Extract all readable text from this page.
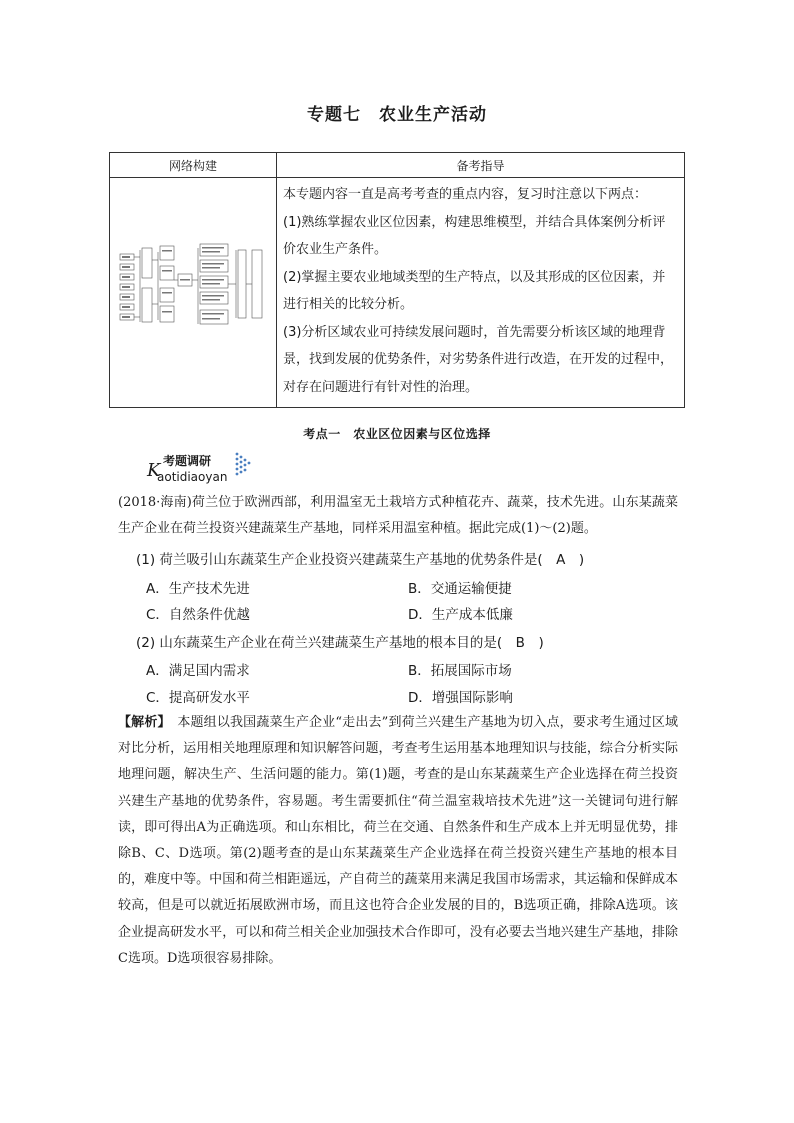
专题七　农业生产活动
网络构建	备考指导

本专题内容一直是高考考查的重点内容，复习时注意以下两点：

(1)熟练掌握农业区位因素，构建思维模型，并结合具体案例分析评价农业生产条件。

(2)掌握主要农业地域类型的生产特点，以及其形成的区位因素，并进行相关的比较分析。

(3)分析区域农业可持续发展问题时，首先需要分析该区域的地理背景，找到发展的优势条件，对劣势条件进行改造，在开发的过程中，对存在问题进行有针对性的治理。

考点一　农业区位因素与区位选择
K 考题调研
aotidiaoyan
(2018·海南)荷兰位于欧洲西部，利用温室无土栽培方式种植花卉、蔬菜，技术先进。山东某蔬菜生产企业在荷兰投资兴建蔬菜生产基地，同样采用温室种植。据此完成(1)～(2)题。
(1) 荷兰吸引山东蔬菜生产企业投资兴建蔬菜生产基地的优势条件是(　A　)
A．生产技术先进	B．交通运输便捷
C．自然条件优越	D．生产成本低廉
(2) 山东蔬菜生产企业在荷兰兴建蔬菜生产基地的根本目的是(　B　)
A．满足国内需求	B．拓展国际市场
C．提高研发水平	D．增强国际影响
【解析】　本题组以我国蔬菜生产企业“走出去”到荷兰兴建生产基地为切入点，要求考生通过区域对比分析，运用相关地理原理和知识解答问题，考查考生运用基本地理知识与技能，综合分析实际地理问题，解决生产、生活问题的能力。第(1)题，考查的是山东某蔬菜生产企业选择在荷兰投资兴建生产基地的优势条件，容易题。考生需要抓住“荷兰温室栽培技术先进”这一关键词句进行解读，即可得出A为正确选项。和山东相比，荷兰在交通、自然条件和生产成本上并无明显优势，排除B、C、D选项。第(2)题考查的是山东某蔬菜生产企业选择在荷兰投资兴建生产基地的根本目的，难度中等。中国和荷兰相距遥远，产自荷兰的蔬菜用来满足我国市场需求，其运输和保鲜成本较高，但是可以就近拓展欧洲市场，而且这也符合企业发展的目的，B选项正确，排除A选项。该企业提高研发水平，可以和荷兰相关企业加强技术合作即可，没有必要去当地兴建生产基地，排除C选项。D选项很容易排除。
